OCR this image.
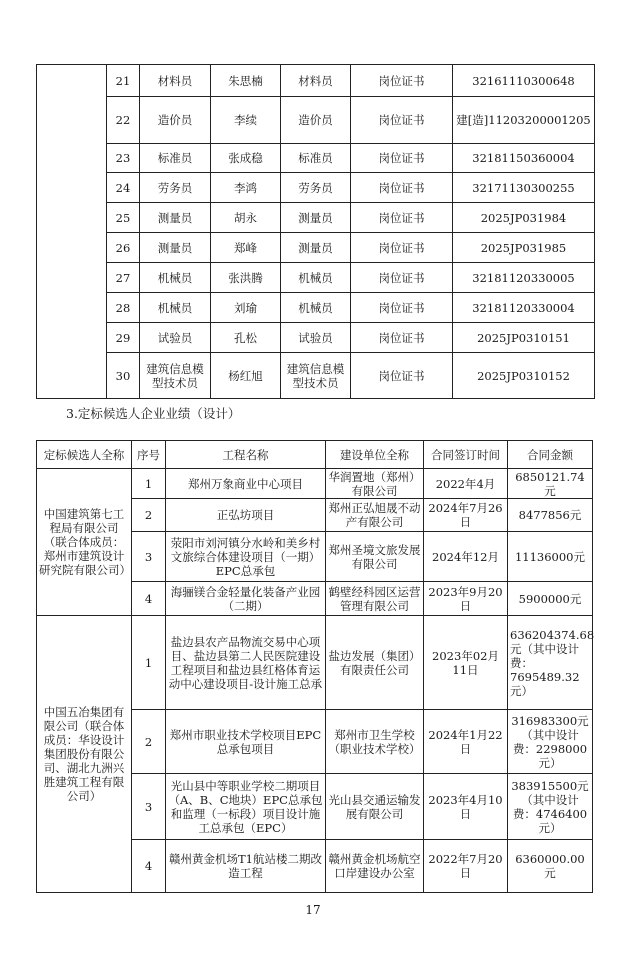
	21	材料员	朱思楠	材料员	岗位证书	32161110300648
	22	造价员	李续	造价员	岗位证书	建[造]11203200001205
	23	标准员	张成稳	标准员	岗位证书	32181150360004
	24	劳务员	李鸿	劳务员	岗位证书	32171130300255
	25	测量员	胡永	测量员	岗位证书	2025JP031984
	26	测量员	郑峰	测量员	岗位证书	2025JP031985
	27	机械员	张洪腾	机械员	岗位证书	32181120330005
	28	机械员	刘瑜	机械员	岗位证书	32181120330004
	29	试验员	孔松	试验员	岗位证书	2025JP0310151
	30	建筑信息模型技术员	杨红旭	建筑信息模型技术员	岗位证书	2025JP0310152
3.定标候选人企业业绩（设计）
定标候选人全称	序号	工程名称	建设单位全称	合同签订时间	合同金额
中国建筑第七工程局有限公司（联合体成员：郑州市建筑设计研究院有限公司）	1	郑州万象商业中心项目	华润置地（郑州）有限公司	2022年4月	6850121.74元
	2	正弘坊项目	郑州正弘旭晟不动产有限公司	2024年7月26日	8477856元
	3	荥阳市刘河镇分水岭和美乡村文旅综合体建设项目（一期）EPC总承包	郑州圣境文旅发展有限公司	2024年12月	11136000元
	4	海骊镁合金轻量化装备产业园（二期）	鹤壁经科园区运营管理有限公司	2023年9月20日	5900000元
中国五冶集团有限公司（联合体成员：华设设计集团股份有限公司、湖北九洲兴胜建筑工程有限公司）	1	盐边县农产品物流交易中心项目、盐边县第二人民医院建设工程项目和盐边县红格体育运动中心建设项目-设计施工总承	盐边发展（集团）有限责任公司	2023年02月11日	636204374.68元（其中设计费：7695489.32元）
	2	郑州市职业技术学校项目EPC总承包项目	郑州市卫生学校（职业技术学校）	2024年1月22日	316983300元（其中设计费：2298000元）
	3	光山县中等职业学校二期项目（A、B、C地块）EPC总承包和监理（一标段）项目设计施工总承包（EPC）	光山县交通运输发展有限公司	2023年4月10日	383915500元（其中设计费：4746400元）
	4	赣州黄金机场T1航站楼二期改造工程	赣州黄金机场航空口岸建设办公室	2022年7月20日	6360000.00元
17
